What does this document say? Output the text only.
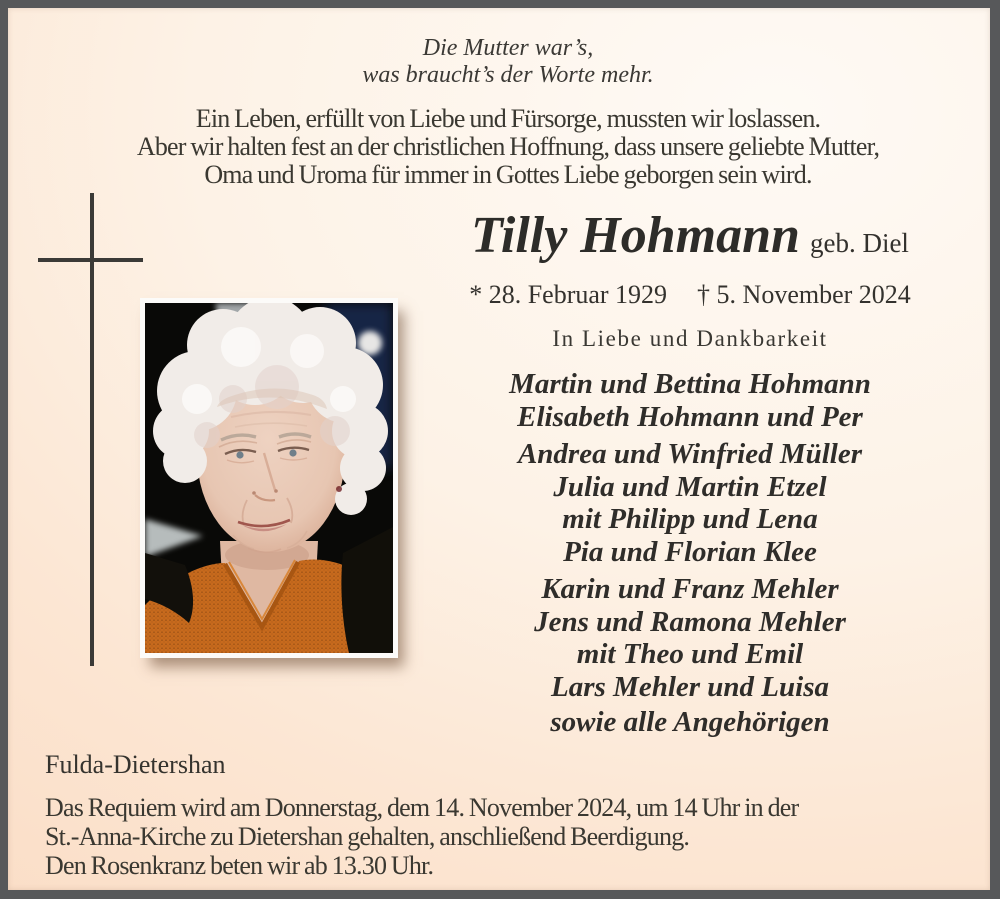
Die Mutter war’s,
was braucht’s der Worte mehr.
Ein Leben, erfüllt von Liebe und Fürsorge, mussten wir loslassen.
Aber wir halten fest an der christlichen Hoffnung, dass unsere geliebte Mutter,
Oma und Uroma für immer in Gottes Liebe geborgen sein wird.
Tilly Hohmann geb. Diel
* 28. Februar 1929 † 5. November 2024
In Liebe und Dankbarkeit
Martin und Bettina Hohmann
Elisabeth Hohmann und Per
Andrea und Winfried Müller
Julia und Martin Etzel
mit Philipp und Lena
Pia und Florian Klee
Karin und Franz Mehler
Jens und Ramona Mehler
mit Theo und Emil
Lars Mehler und Luisa
sowie alle Angehörigen
Fulda-Dietershan
Das Requiem wird am Donnerstag, dem 14. November 2024, um 14 Uhr in der
St.-Anna-Kirche zu Dietershan gehalten, anschließend Beerdigung.
Den Rosenkranz beten wir ab 13.30 Uhr.
